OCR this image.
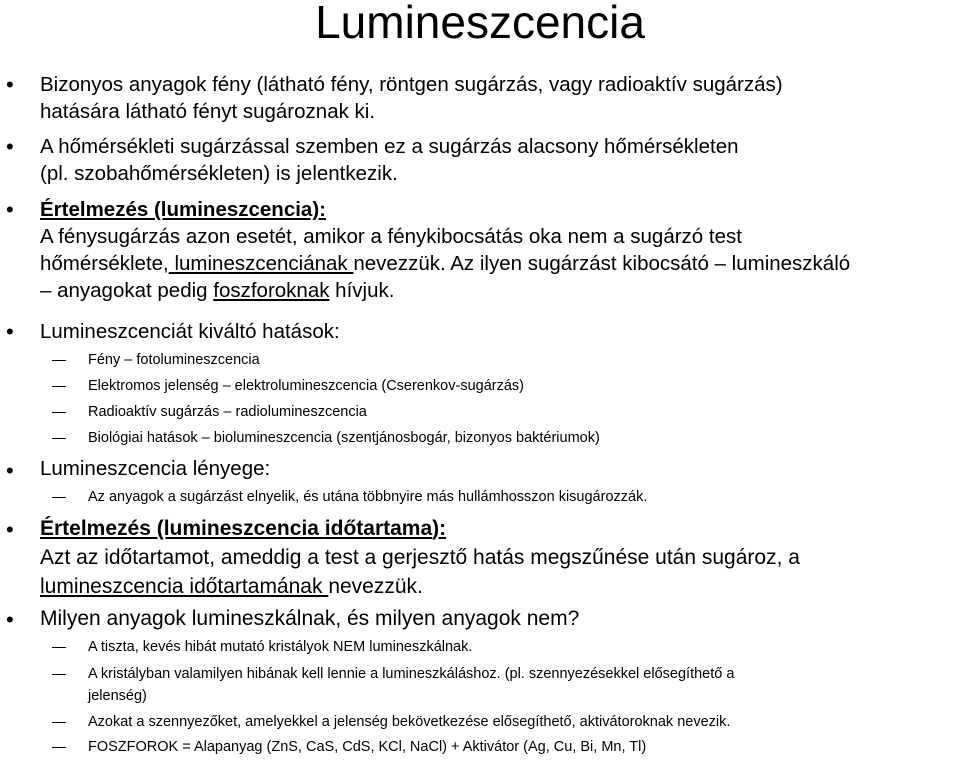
Lumineszcencia
• Bizonyos anyagok fény (látható fény, röntgen sugárzás, vagy radioaktív sugárzás)
hatására látható fényt sugároznak ki.
• A hőmérsékleti sugárzással szemben ez a sugárzás alacsony hőmérsékleten
(pl. szobahőmérsékleten) is jelentkezik.
• Értelmezés (lumineszcencia):
A fénysugárzás azon esetét, amikor a fénykibocsátás oka nem a sugárzó test
hőmérséklete, lumineszcenciának nevezzük. Az ilyen sugárzást kibocsátó – lumineszkáló
– anyagokat pedig foszforoknak hívjuk.
• Lumineszcenciát kiváltó hatások:
Fény – fotolumineszcencia
Elektromos jelenség – elektrolumineszcencia (Cserenkov-sugárzás)
Radioaktív sugárzás – radiolumineszcencia
Biológiai hatások – biolumineszcencia (szentjánosbogár, bizonyos baktériumok)
• Lumineszcencia lényege:
Az anyagok a sugárzást elnyelik, és utána többnyire más hullámhosszon kisugározzák.
• Értelmezés (lumineszcencia időtartama):
Azt az időtartamot, ameddig a test a gerjesztő hatás megszűnése után sugároz, a
lumineszcencia időtartamának nevezzük.
• Milyen anyagok lumineszkálnak, és milyen anyagok nem?
A tiszta, kevés hibát mutató kristályok NEM lumineszkálnak.
A kristályban valamilyen hibának kell lennie a lumineszkáláshoz. (pl. szennyezésekkel elősegíthető a
jelenség)
Azokat a szennyezőket, amelyekkel a jelenség bekövetkezése elősegíthető, aktivátoroknak nevezik.
FOSZFOROK = Alapanyag (ZnS, CaS, CdS, KCl, NaCl) + Aktivátor (Ag, Cu, Bi, Mn, Tl)
